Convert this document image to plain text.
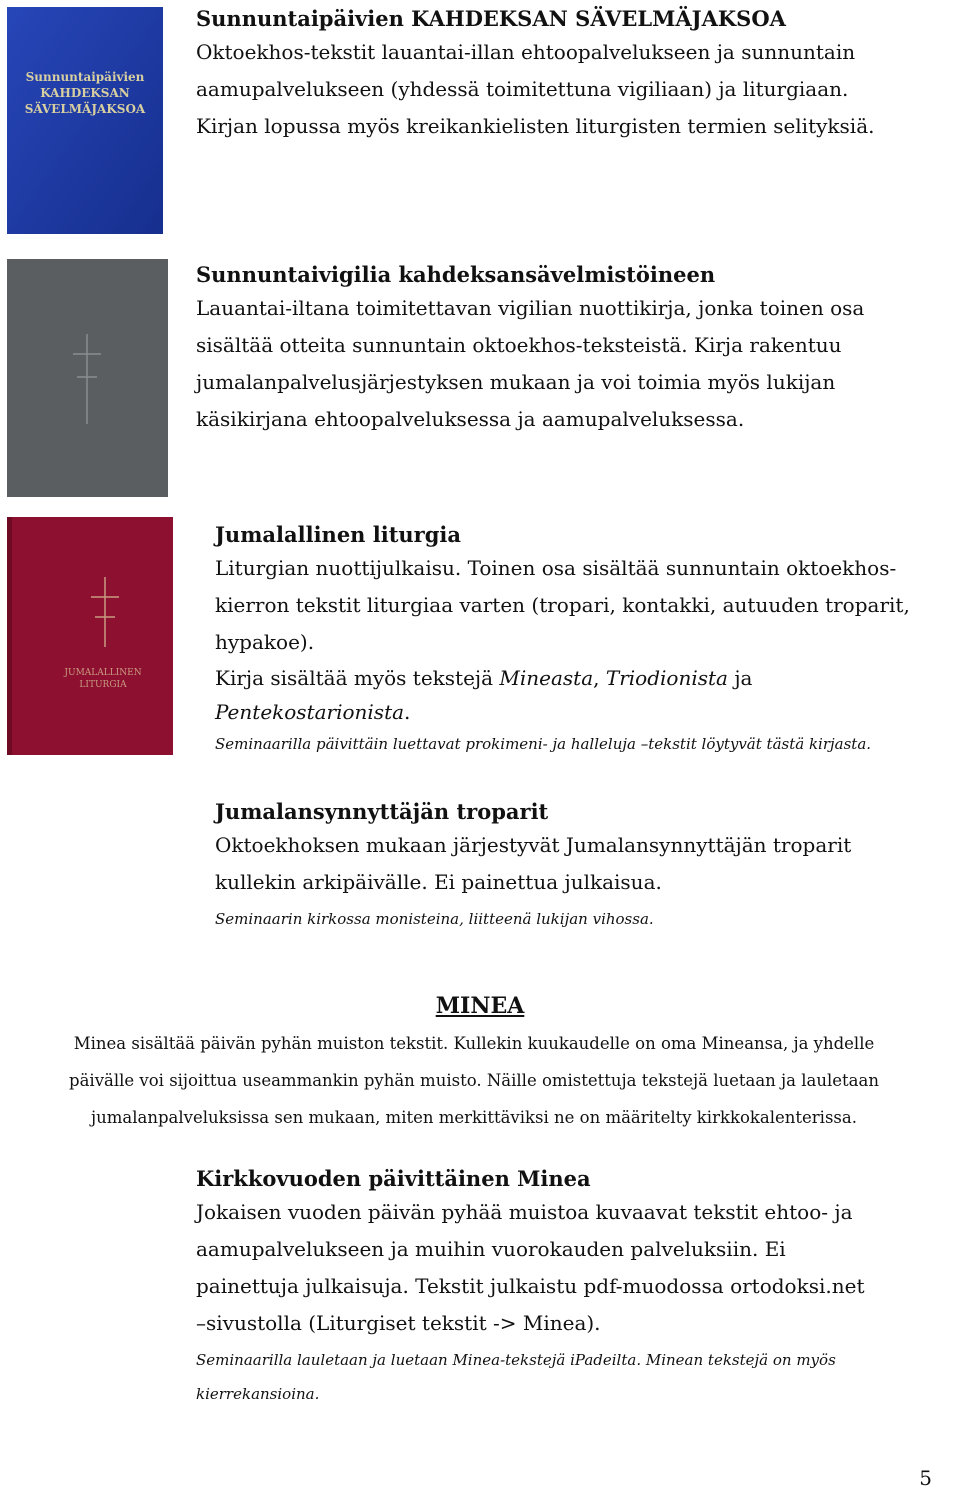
Sunnuntaipäivien
KAHDEKSAN
SÄVELMÄJAKSOA
Sunnuntaipäivien KAHDEKSAN SÄVELMÄJAKSOA
Oktoekhos-tekstit lauantai-illan ehtoopalvelukseen ja sunnuntain
aamupalvelukseen (yhdessä toimitettuna vigiliaan) ja liturgiaan.
Kirjan lopussa myös kreikankielisten liturgisten termien selityksiä.
Sunnuntaivigilia kahdeksansävelmistöineen
Lauantai-iltana toimitettavan vigilian nuottikirja, jonka toinen osa
sisältää otteita sunnuntain oktoekhos-teksteistä. Kirja rakentuu
jumalanpalvelusjärjestyksen mukaan ja voi toimia myös lukijan
käsikirjana ehtoopalveluksessa ja aamupalveluksessa.
JUMALALLINEN
LITURGIA
Jumalallinen liturgia
Liturgian nuottijulkaisu. Toinen osa sisältää sunnuntain oktoekhos-
kierron tekstit liturgiaa varten (tropari, kontakki, autuuden troparit,
hypakoe).
Kirja sisältää myös tekstejä Mineasta, Triodionista ja Pentekostarionista.
Seminaarilla päivittäin luettavat prokimeni- ja halleluja –tekstit löytyvät tästä kirjasta.
Jumalansynnyttäjän troparit
Oktoekhoksen mukaan järjestyvät Jumalansynnyttäjän troparit
kullekin arkipäivälle. Ei painettua julkaisua.
Seminaarin kirkossa monisteina, liitteenä lukijan vihossa.
MINEA
Minea sisältää päivän pyhän muiston tekstit. Kullekin kuukaudelle on oma Mineansa, ja yhdelle
päivälle voi sijoittua useammankin pyhän muisto. Näille omistettuja tekstejä luetaan ja lauletaan
jumalanpalveluksissa sen mukaan, miten merkittäviksi ne on määritelty kirkkokalenterissa.
Kirkkovuoden päivittäinen Minea
Jokaisen vuoden päivän pyhää muistoa kuvaavat tekstit ehtoo- ja
aamupalvelukseen ja muihin vuorokauden palveluksiin. Ei
painettuja julkaisuja. Tekstit julkaistu pdf-muodossa ortodoksi.net
–sivustolla (Liturgiset tekstit -> Minea).
Seminaarilla lauletaan ja luetaan Minea-tekstejä iPadeilta. Minean tekstejä on myös
kierrekansioina.
5
